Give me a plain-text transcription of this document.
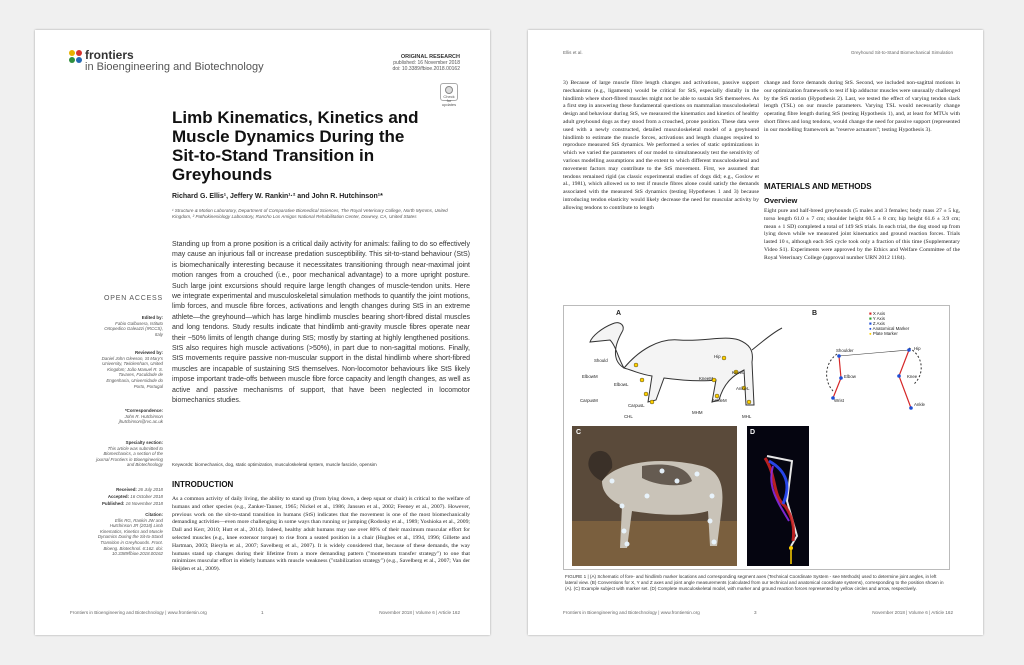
frontiers
in Bioengineering and Biotechnology
ORIGINAL RESEARCH
published: 16 November 2018
doi: 10.3389/fbioe.2018.00162
Check for updates
Limb Kinematics, Kinetics and Muscle Dynamics During the Sit-to-Stand Transition in Greyhounds
Richard G. Ellis¹, Jeffery W. Rankin¹·² and John R. Hutchinson¹*
¹ Structure & Motion Laboratory, Department of Comparative Biomedical Sciences, The Royal Veterinary College, North Mymms, United Kingdom, ² Pathokinesiology Laboratory, Rancho Los Amigos National Rehabilitation Center, Downey, CA, United States
OPEN ACCESS
Edited by:
Fabio Galbusera, Istituto Ortopedico Galeazzi (IRCCS), Italy
Reviewed by:
Daniel John Gleeson, St Mary's University, Twickenham, United Kingdom; João Manuel R. S. Tavares, Faculdade de Engenharia, Universidade do Porto, Portugal
*Correspondence:
John R. Hutchinson jhutchinson@rvc.ac.uk
Specialty section:
This article was submitted to Biomechanics, a section of the journal Frontiers in Bioengineering and Biotechnology
Received: 26 July 2018
Accepted: 16 October 2018
Published: 16 November 2018
Citation:
Ellis RG, Rankin JW and Hutchinson JR (2018) Limb Kinematics, Kinetics and Muscle Dynamics During the Sit-to-Stand Transition in Greyhounds. Front. Bioeng. Biotechnol. 6:162. doi: 10.3389/fbioe.2018.00162
Standing up from a prone position is a critical daily activity for animals: failing to do so effectively may cause an injurious fall or increase predation susceptibility. This sit-to-stand behaviour (StS) is biomechanically interesting because it necessitates transitioning through near-maximal joint motion ranges from a crouched (i.e., poor mechanical advantage) to a more upright posture. Such large joint excursions should require large length changes of muscle-tendon units. Here we integrate experimental and musculoskeletal simulation methods to quantify the joint motions, limb forces, and muscle fibre forces, activations and length changes during StS in an extreme athlete—the greyhound—which has large hindlimb muscles bearing short-fibred distal muscles and long tendons. Study results indicate that hindlimb anti-gravity muscle fibres operate near their ~50% limits of length change during StS; mostly by starting at highly lengthened positions. StS also requires high muscle activations (>50%), in part due to non-sagittal motions. Finally, StS movements require passive non-muscular support in the distal hindlimb where short-fibred muscles are incapable of sustaining StS themselves. Non-locomotor behaviours like StS likely impose important trade-offs between muscle fibre force capacity and length changes, as well as active and passive mechanisms of support, that have been neglected in locomotor biomechanics studies.
Keywords: biomechanics, dog, static optimization, musculoskeletal system, muscle fascicle, opensim
INTRODUCTION
As a common activity of daily living, the ability to stand up (from lying down, a deep squat or chair) is critical to the welfare of humans and other species (e.g., Zanker-Tanner, 1965; Nickel et al., 1986; Janssen et al., 2002; Feeney et al., 2007). However, previous work on the sit-to-stand transition in humans (StS) indicates that the movement is one of the most biomechanically demanding activities—even more challenging in some ways than running or jumping (Rodosky et al., 1989; Yoshioka et al., 2009; Dall and Kerr, 2010; Hutt et al., 2014). Indeed, healthy adult humans may use over 80% of their maximum muscular effort for selected muscles (e.g., knee extensor torque) to rise from a seated position in a chair (Hughes et al., 1994, 1996; Gillette and Hartman, 2003; Bieryla et al., 2007; Savelberg et al., 2007). It is widely considered that, because of these demands, the way humans stand up changes during their lifetime from a more demanding pattern ("momentum transfer strategy") to one that minimizes muscular effort in elderly humans with muscle weakness ("stabilization strategy") (e.g., Savelberg et al., 2007; Van der Heijden et al., 2009).
Frontiers in Bioengineering and Biotechnology | www.frontiersin.org	1	November 2018 | Volume 6 | Article 162
Ellis et al.	Greyhound Sit-to-Stand Biomechanical Simulation
3) Because of large muscle fibre length changes and activations, passive support mechanisms (e.g., ligaments) would be critical for StS, especially distally in the hindlimb where short-fibred muscles might not be able to sustain StS themselves. As a first step in answering these fundamental questions on mammalian musculoskeletal design and behaviour during StS, we measured the kinematics and kinetics of healthy adult greyhound dogs as they stood from a crouched, prone position. These data were used with a newly constructed, detailed musculoskeletal model of a greyhound hindlimb to estimate the muscle forces, activations and length changes required to reproduce measured StS dynamics. We performed a series of static optimizations in which we varied the parameters of our model to simultaneously test the sensitivity of various modelling assumptions and the extent to which different musculoskeletal and movement factors may contribute to the StS movement. First, we assumed that tendons remained rigid (as classic experimental studies of dogs did; e.g., Goslow et al., 1981), which allowed us to test if muscle fibres alone could satisfy the demands associated with the measured StS dynamics (testing Hypotheses 1 and 3) because introducing tendon elasticity would likely decrease the need for muscular activity by allowing tendons to contribute to length
change and force demands during StS. Second, we included non-sagittal motions in our optimization framework to test if hip adductor muscles were unusually challenged by the StS motion (Hypothesis 2). Last, we tested the effect of varying tendon slack length (TSL) on our muscle parameters. Varying TSL would necessarily change operating fibre length during StS (testing Hypothesis 1), and, at least for MTUs with short fibres and long tendons, would change the need for passive support (represented in our modelling framework as "reserve actuators"; testing Hypothesis 3).
MATERIALS AND METHODS
Overview
Eight pure and half-breed greyhounds (5 males and 3 females; body mass 27 ± 5 kg, torso length 61.0 ± 7 cm; shoulder height 60.5 ± 8 cm; hip height 61.6 ± 3.9 cm; mean ± 1 SD) completed a total of 149 StS trials. In each trial, the dog stood up from lying down while we measured joint kinematics and ground reaction forces. Trials lasted 10 s, although each StS cycle took only a fraction of this time (Supplementary Video S1). Experiments were approved by the Ethics and Welfare Committee of the Royal Veterinary College (approval number URN 2012 1184).
A
Should
Hip
ElbowM
ElbowL
KneeL
KneeM
AnkleL
CarpusM
CarpusL
AnkleM
MHM
CHL	MHL
B
Shoulder	Hip
Elbow	Knee
Wrist
Ankle
■ X Axis
■ Y Axis
■ Z Axis
● Anatomical Marker
● Plate Marker
C	D
FIGURE 1 | (A) Schematic of fore- and hindlimb marker locations and corresponding segment axes (Technical Coordinate System - see Methods) used to determine joint angles, in left lateral view. (B) Conventions for X, Y and Z axes and joint angle measurements (calculated from our technical and anatomical coordinate systems), corresponding to the position shown in (A). (C) Example subject with marker set. (D) Complete musculoskeletal model, with marker and ground reaction forces represented by yellow circles and arrow, respectively.
Frontiers in Bioengineering and Biotechnology | www.frontiersin.org	3	November 2018 | Volume 6 | Article 162
